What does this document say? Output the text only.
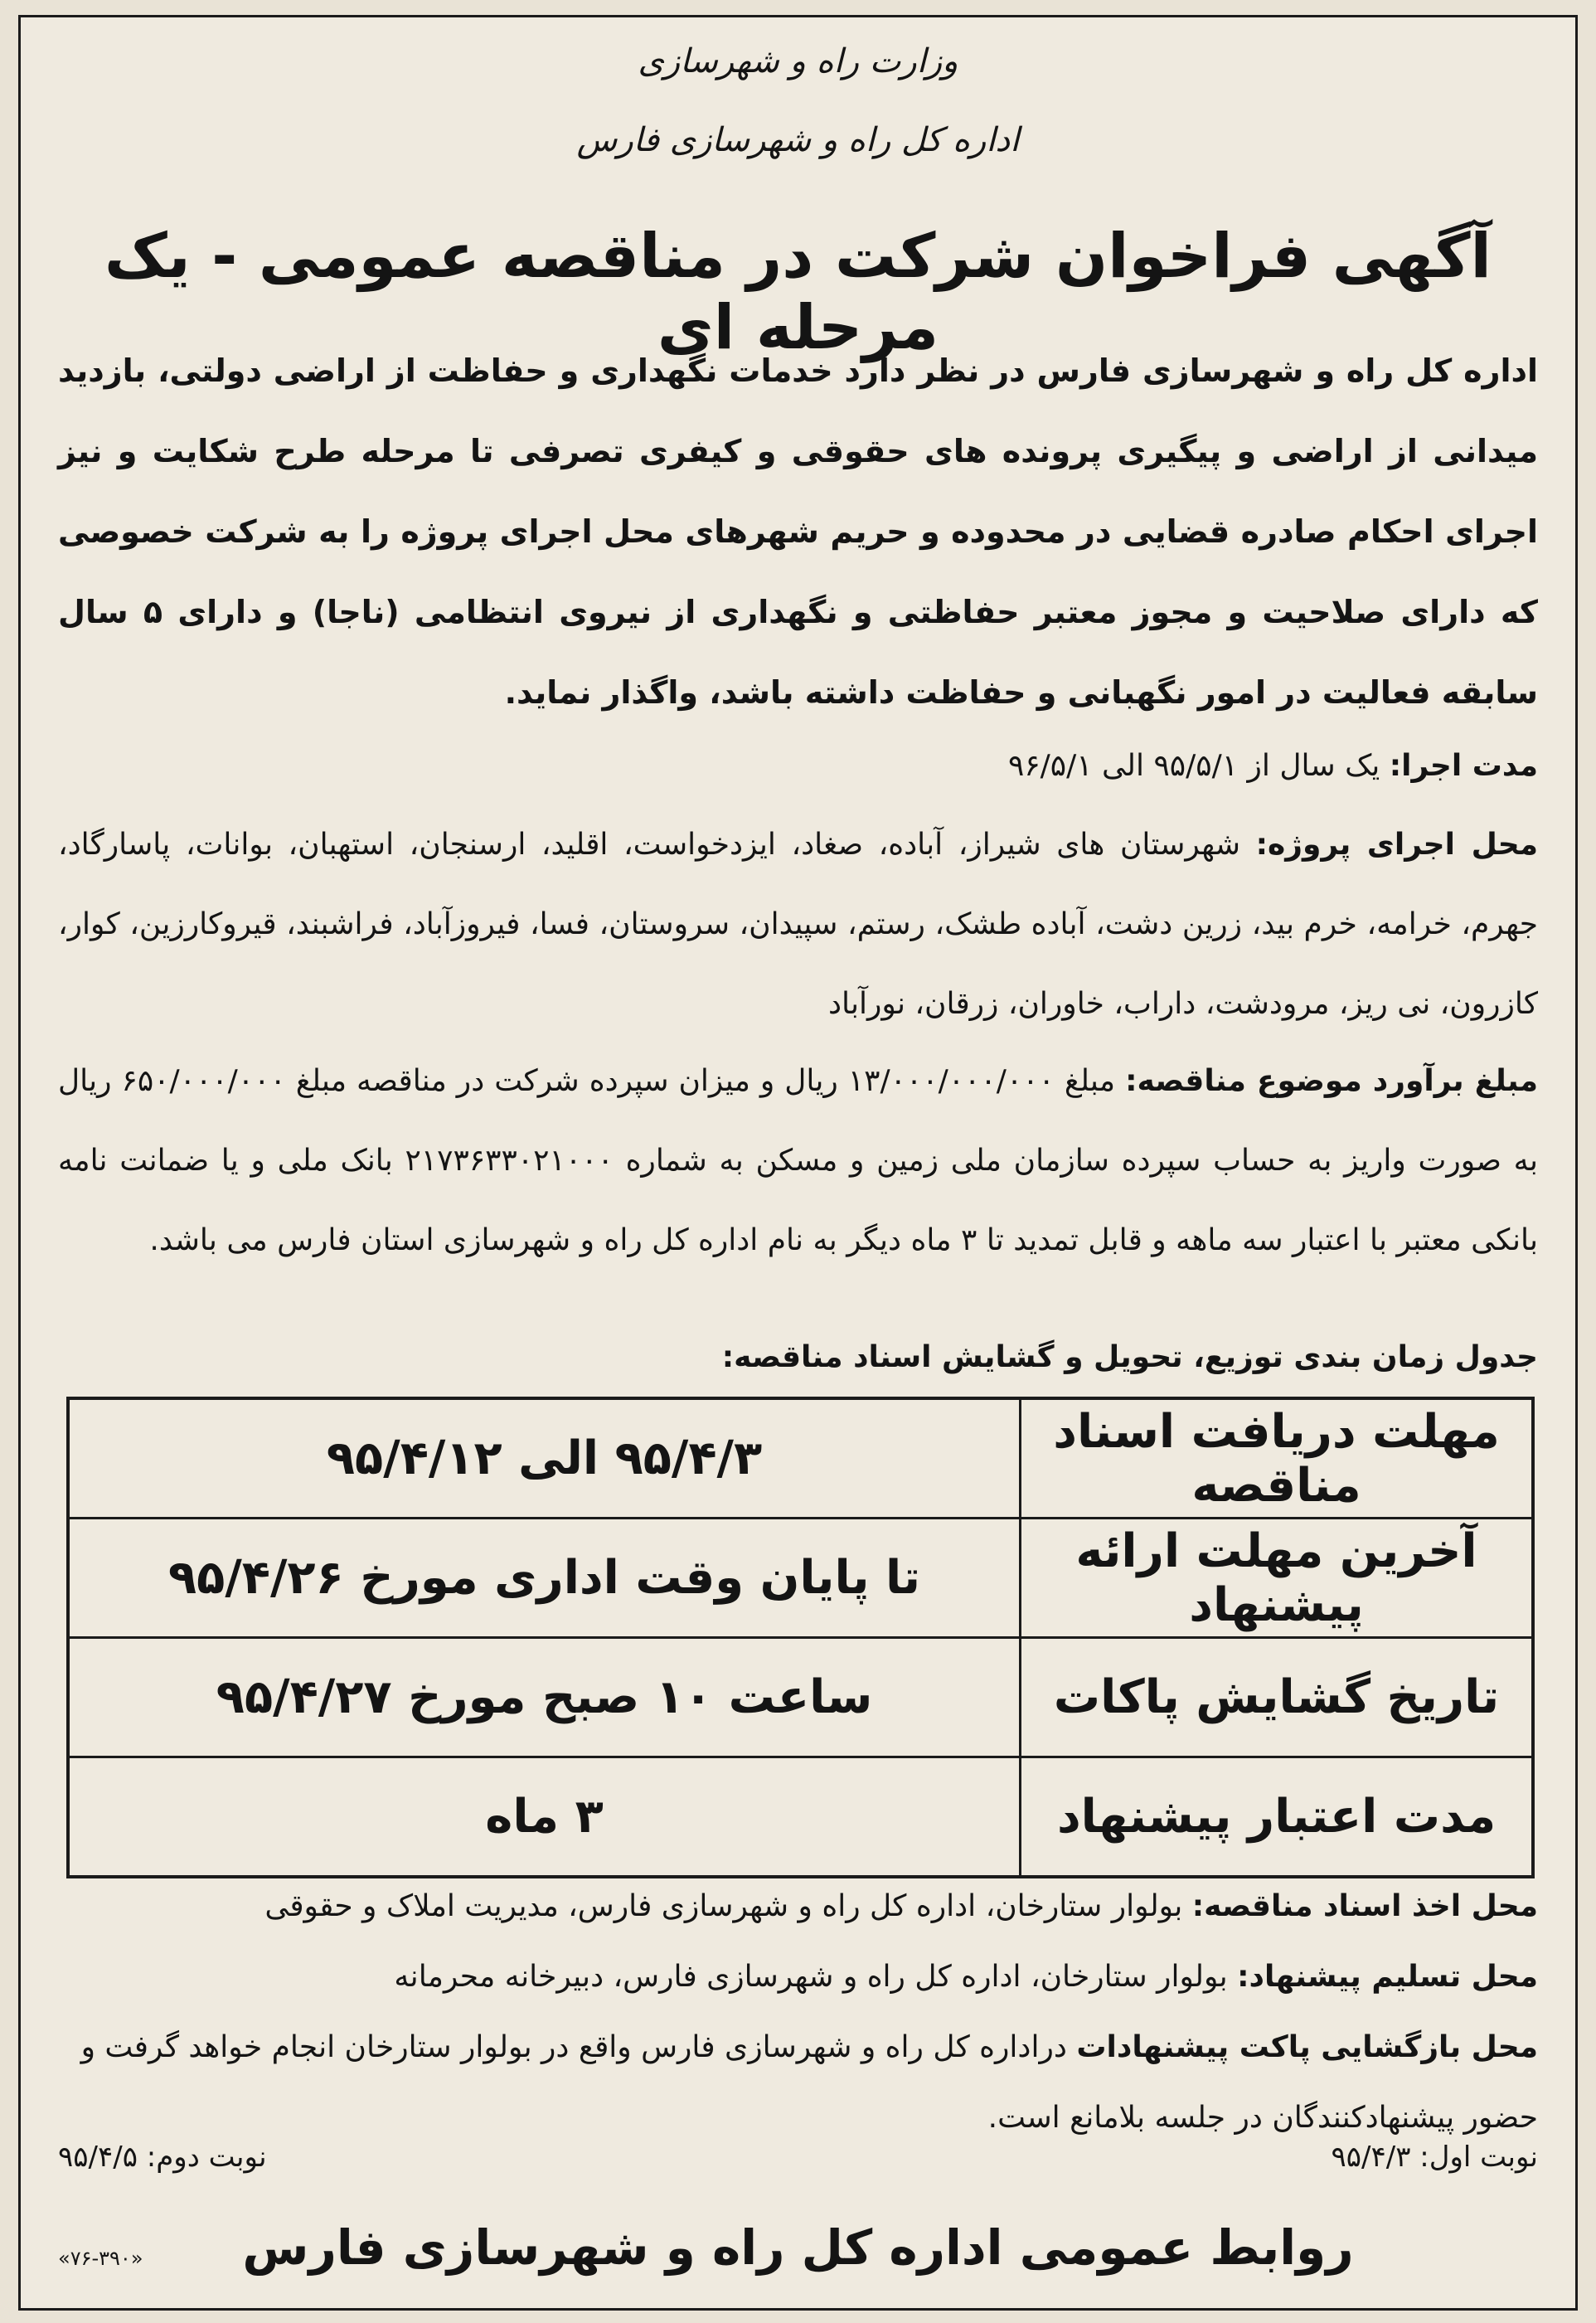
وزارت راه و شهرسازی
اداره کل راه و شهرسازی فارس
آگهی فراخوان شرکت در مناقصه عمومی - یک مرحله ای
اداره کل راه و شهرسازی فارس در نظر دارد خدمات نگهداری و حفاظت از اراضی دولتی، بازدید میدانی از اراضی و پیگیری پرونده های حقوقی و کیفری تصرفی تا مرحله طرح شکایت و نیز اجرای احکام صادره قضایی در محدوده و حریم شهرهای محل اجرای پروژه را به شرکت خصوصی که دارای صلاحیت و مجوز معتبر حفاظتی و نگهداری از نیروی انتظامی (ناجا) و دارای ۵ سال سابقه فعالیت در امور نگهبانی و حفاظت داشته باشد، واگذار نماید.
مدت اجرا: یک سال از ۹۵/۵/۱ الی ۹۶/۵/۱
محل اجرای پروژه: شهرستان های شیراز، آباده، صغاد، ایزدخواست، اقلید، ارسنجان، استهبان، بوانات، پاسارگاد، جهرم، خرامه، خرم بید، زرین دشت، آباده طشک، رستم، سپیدان، سروستان، فسا، فیروزآباد، فراشبند، قیروکارزین، کوار، کازرون، نی ریز، مرودشت، داراب، خاوران، زرقان، نورآباد
مبلغ برآورد موضوع مناقصه: مبلغ ۱۳/۰۰۰/۰۰۰/۰۰۰ ریال و میزان سپرده شرکت در مناقصه مبلغ ۶۵۰/۰۰۰/۰۰۰ ریال به صورت واریز به حساب سپرده سازمان ملی زمین و مسکن به شماره ۲۱۷۳۶۳۳۰۲۱۰۰۰ بانک ملی و یا ضمانت نامه بانکی معتبر با اعتبار سه ماهه و قابل تمدید تا ۳ ماه دیگر به نام اداره کل راه و شهرسازی استان فارس می باشد.
جدول زمان بندی توزیع، تحویل و گشایش اسناد مناقصه:
مهلت دریافت اسناد مناقصه	۹۵/۴/۳ الی ۹۵/۴/۱۲
آخرین مهلت ارائه پیشنهاد	تا پایان وقت اداری مورخ ۹۵/۴/۲۶
تاریخ گشایش پاکات	ساعت ۱۰ صبح مورخ ۹۵/۴/۲۷
مدت اعتبار پیشنهاد	۳ ماه
محل اخذ اسناد مناقصه: بولوار ستارخان، اداره کل راه و شهرسازی فارس، مدیریت املاک و حقوقی
محل تسلیم پیشنهاد: بولوار ستارخان، اداره کل راه و شهرسازی فارس، دبیرخانه محرمانه
محل بازگشایی پاکت پیشنهادات دراداره کل راه و شهرسازی فارس واقع در بولوار ستارخان انجام خواهد گرفت و حضور پیشنهادکنندگان در جلسه بلامانع است.
نوبت اول: ۹۵/۴/۳
نوبت دوم: ۹۵/۴/۵
روابط عمومی اداره کل راه و شهرسازی فارس
«۷۶-۳۹۰»
